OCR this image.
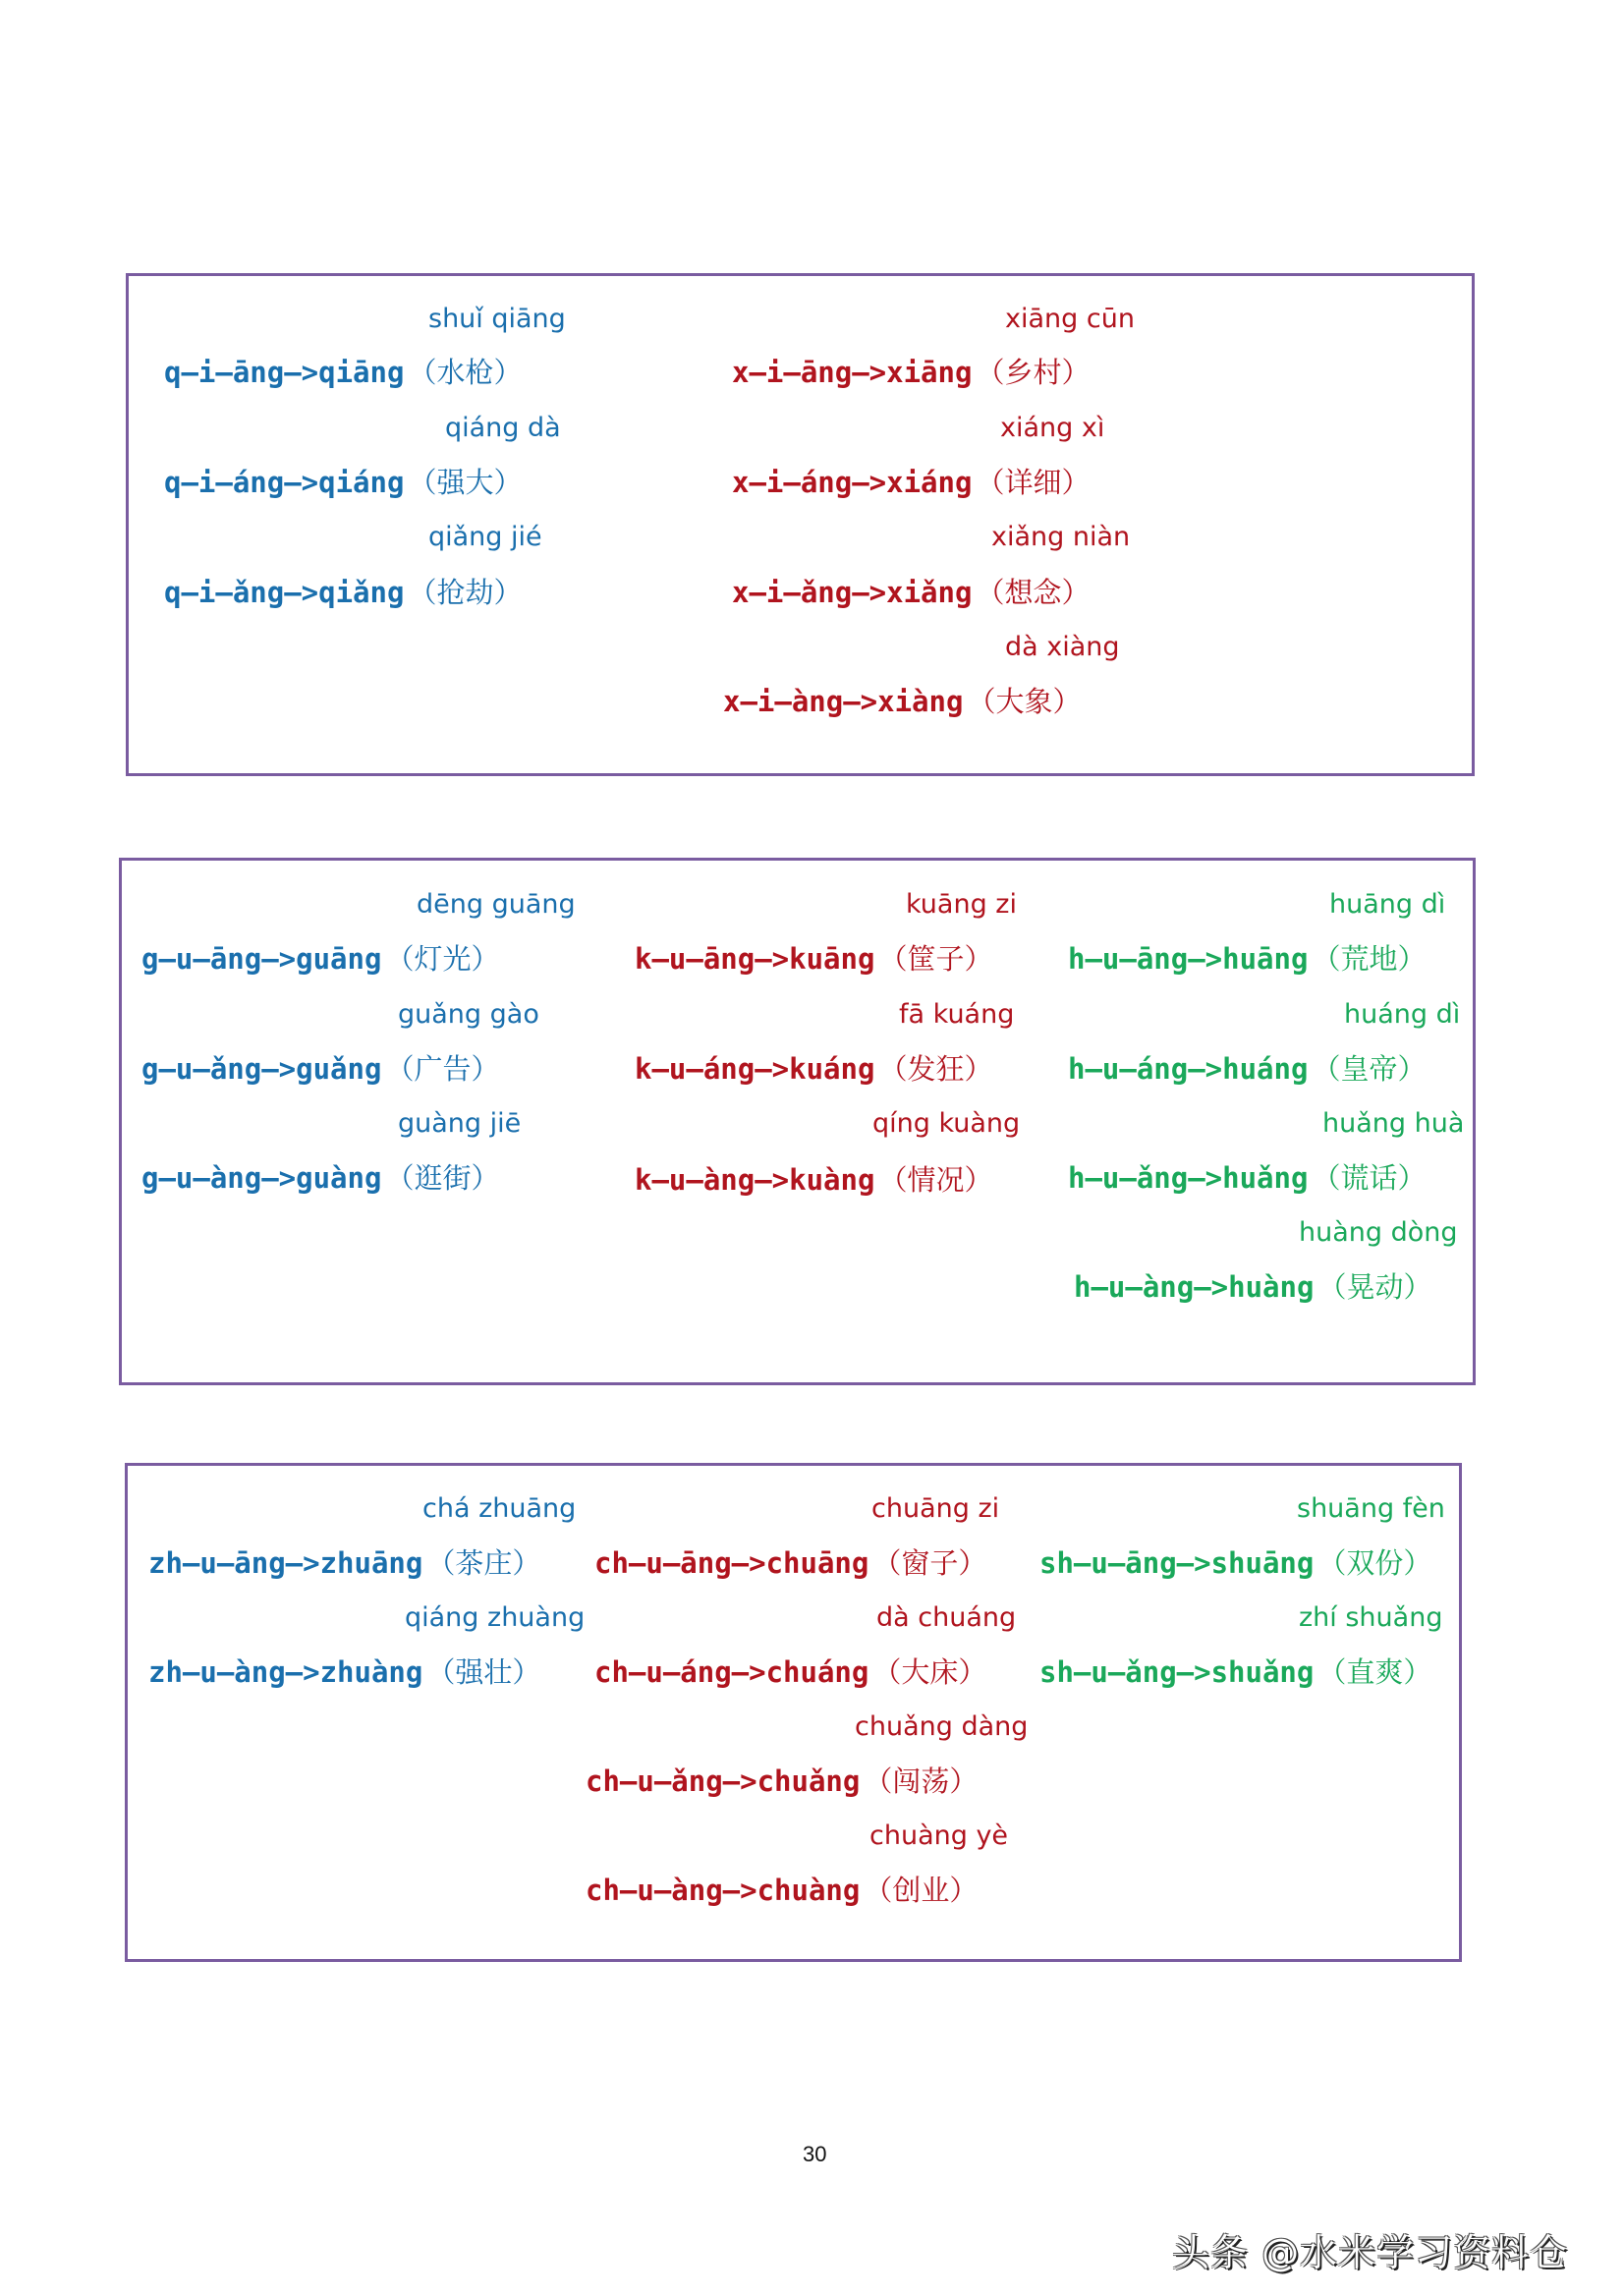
shuǐ qiāng
q—i—āng—>qiāng （水枪）
qiáng dà
q—i—áng—>qiáng （强大）
qiǎng jié
q—i—ǎng—>qiǎng （抢劫）
xiāng cūn
x—i—āng—>xiāng （乡村）
xiáng xì
x—i—áng—>xiáng （详细）
xiǎng niàn
x—i—ǎng—>xiǎng （想念）
dà xiàng
x—i—àng—>xiàng （大象）
dēng guāng
g—u—āng—>guāng （灯光）
guǎng gào
g—u—ǎng—>guǎng （广告）
guàng jiē
g—u—àng—>guàng （逛街）
kuāng zi
k—u—āng—>kuāng （筐子）
fā kuáng
k—u—áng—>kuáng （发狂）
qíng kuàng
k—u—àng—>kuàng （情况）
huāng dì
h—u—āng—>huāng （荒地）
huáng dì
h—u—áng—>huáng （皇帝）
huǎng huà
h—u—ǎng—>huǎng （谎话）
huàng dòng
h—u—àng—>huàng （晃动）
chá zhuāng
zh—u—āng—>zhuāng （茶庄）
qiáng zhuàng
zh—u—àng—>zhuàng （强壮）
chuāng zi
ch—u—āng—>chuāng （窗子）
dà chuáng
ch—u—áng—>chuáng （大床）
chuǎng dàng
ch—u—ǎng—>chuǎng （闯荡）
chuàng yè
ch—u—àng—>chuàng （创业）
shuāng fèn
sh—u—āng—>shuāng （双份）
zhí shuǎng
sh—u—ǎng—>shuǎng （直爽）
30
头条 @水米学习资料仓
